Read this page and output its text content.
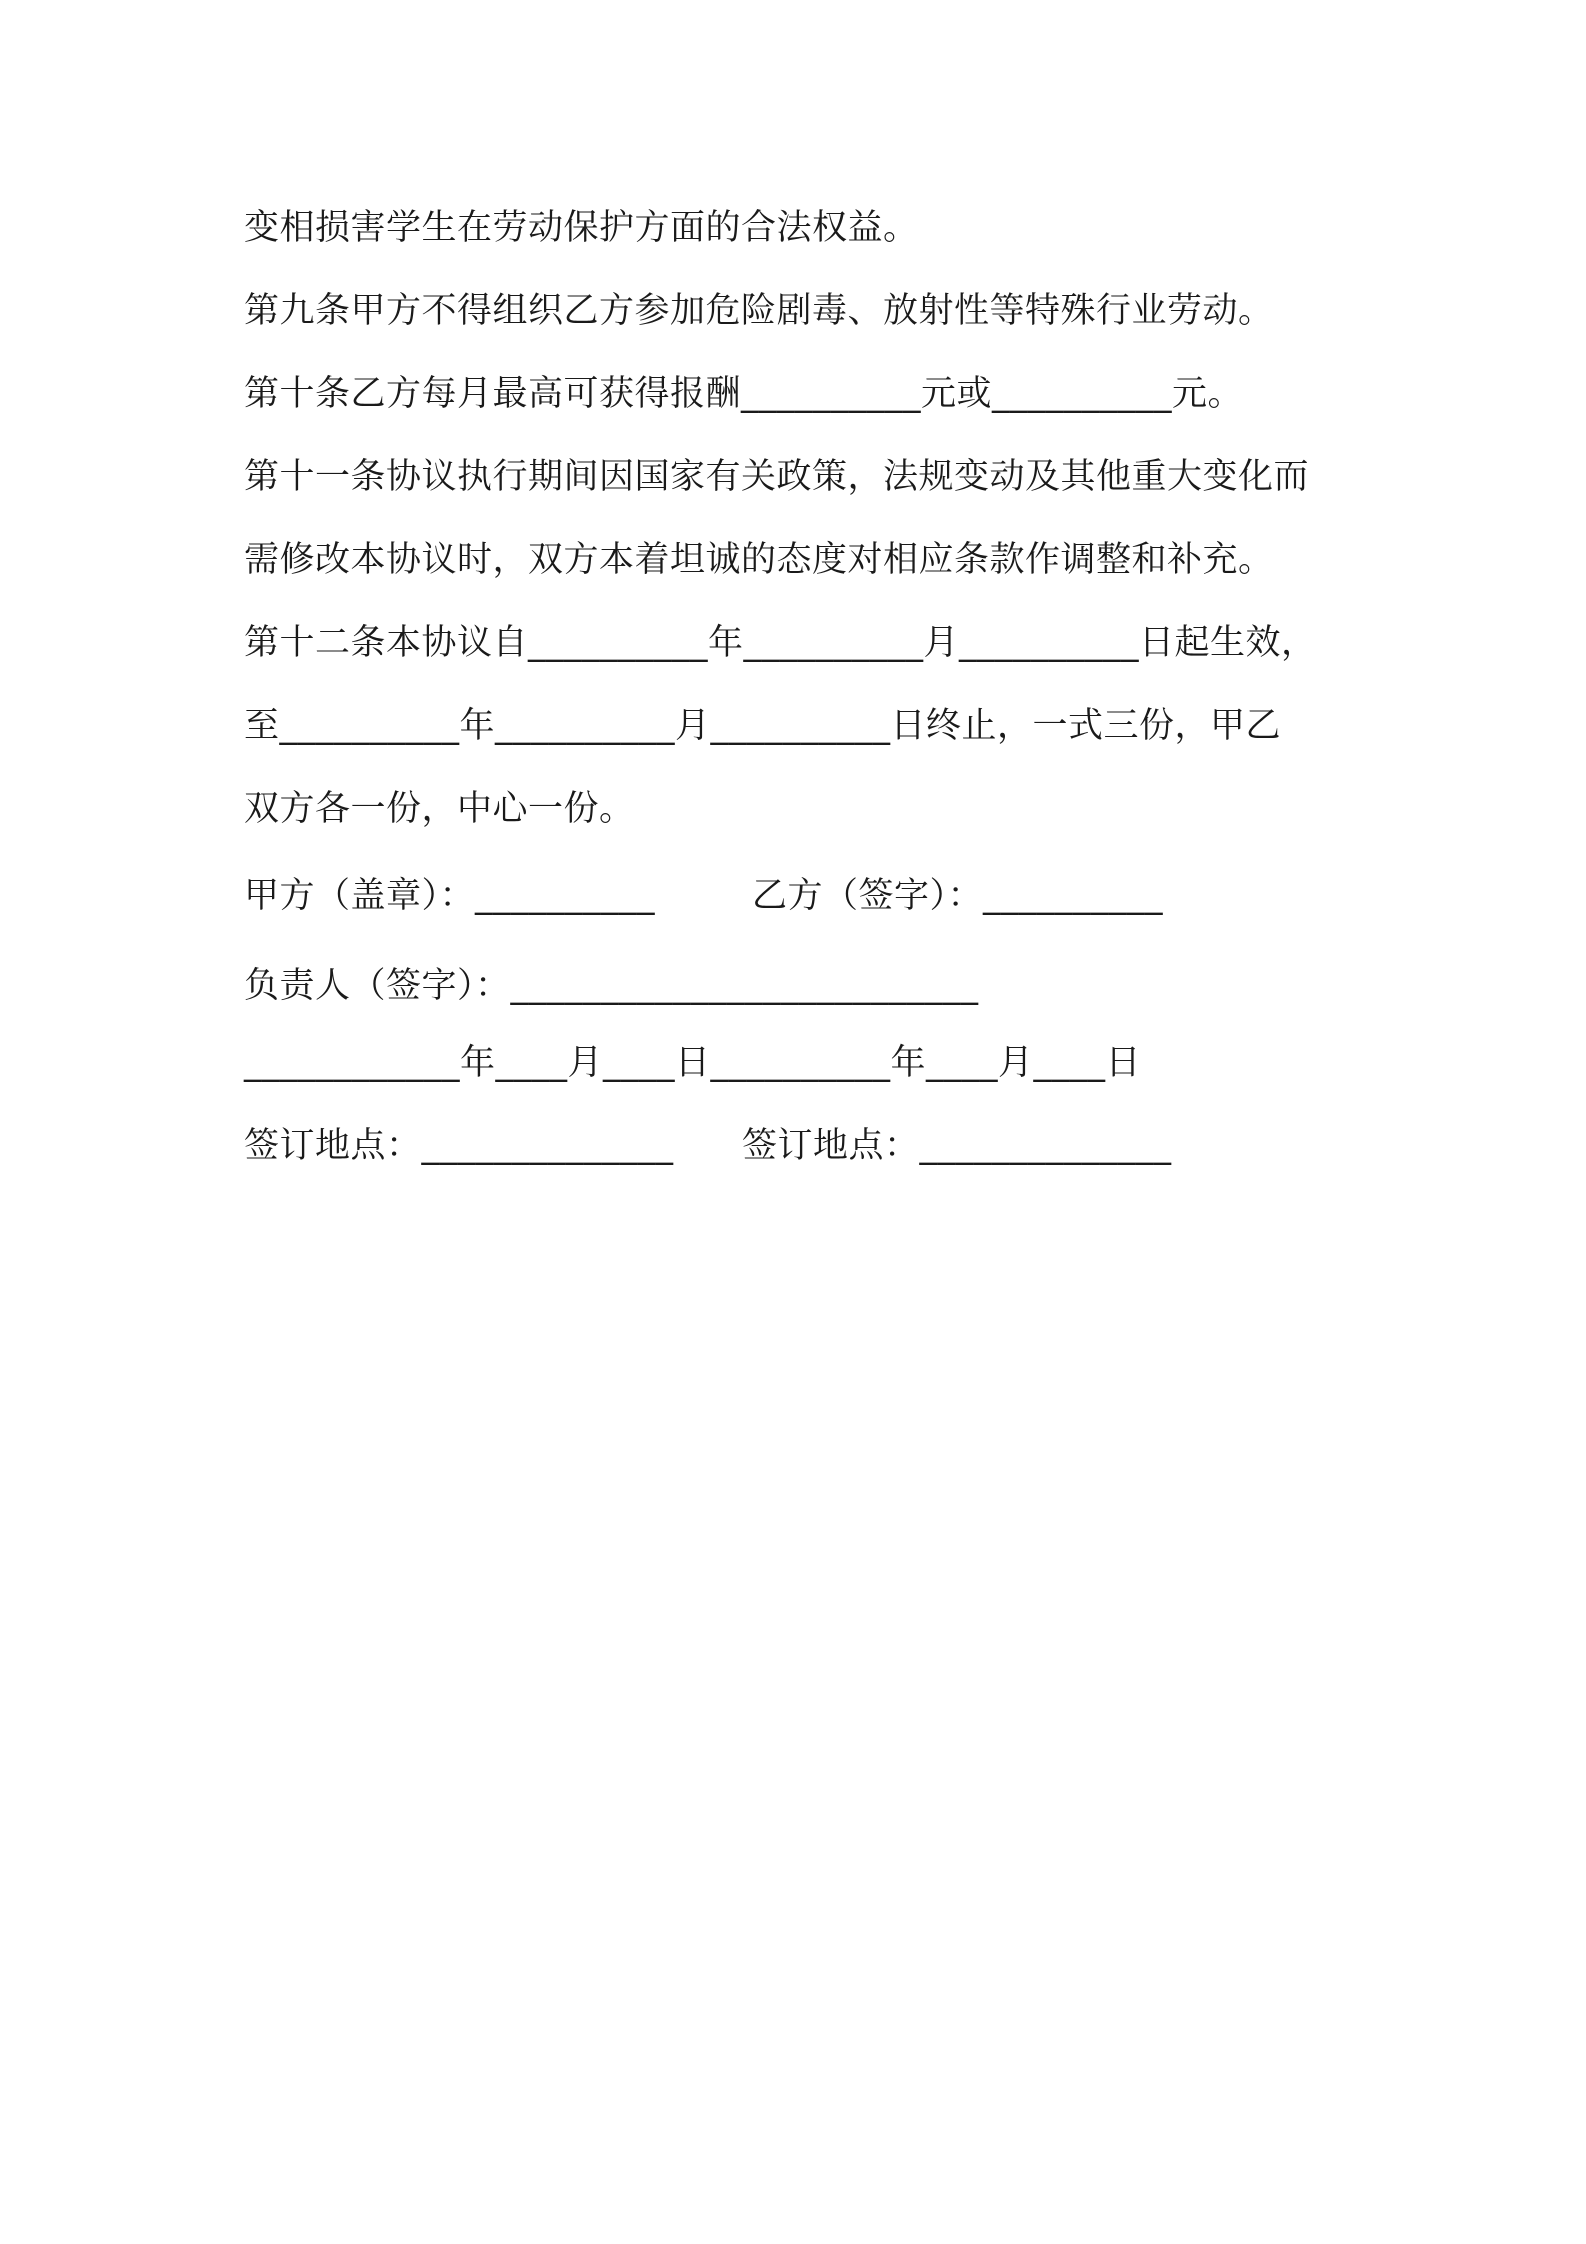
变相损害学生在劳动保护方面的合法权益。
第九条甲方不得组织乙方参加危险剧毒、放射性等特殊行业劳动。
第十条乙方每月最高可获得报酬__________元或__________元。
第十一条协议执行期间因国家有关政策，法规变动及其他重大变化而
需修改本协议时，双方本着坦诚的态度对相应条款作调整和补充。
第十二条本协议自__________年__________月__________日起生效，
至__________年__________月__________日终止，一式三份，甲乙
双方各一份，中心一份。
甲方（盖章）：__________	乙方（签字）：__________
负责人（签字）：__________________________
____________年____月____日__________年____月____日
签订地点：______________ 签订地点：______________
